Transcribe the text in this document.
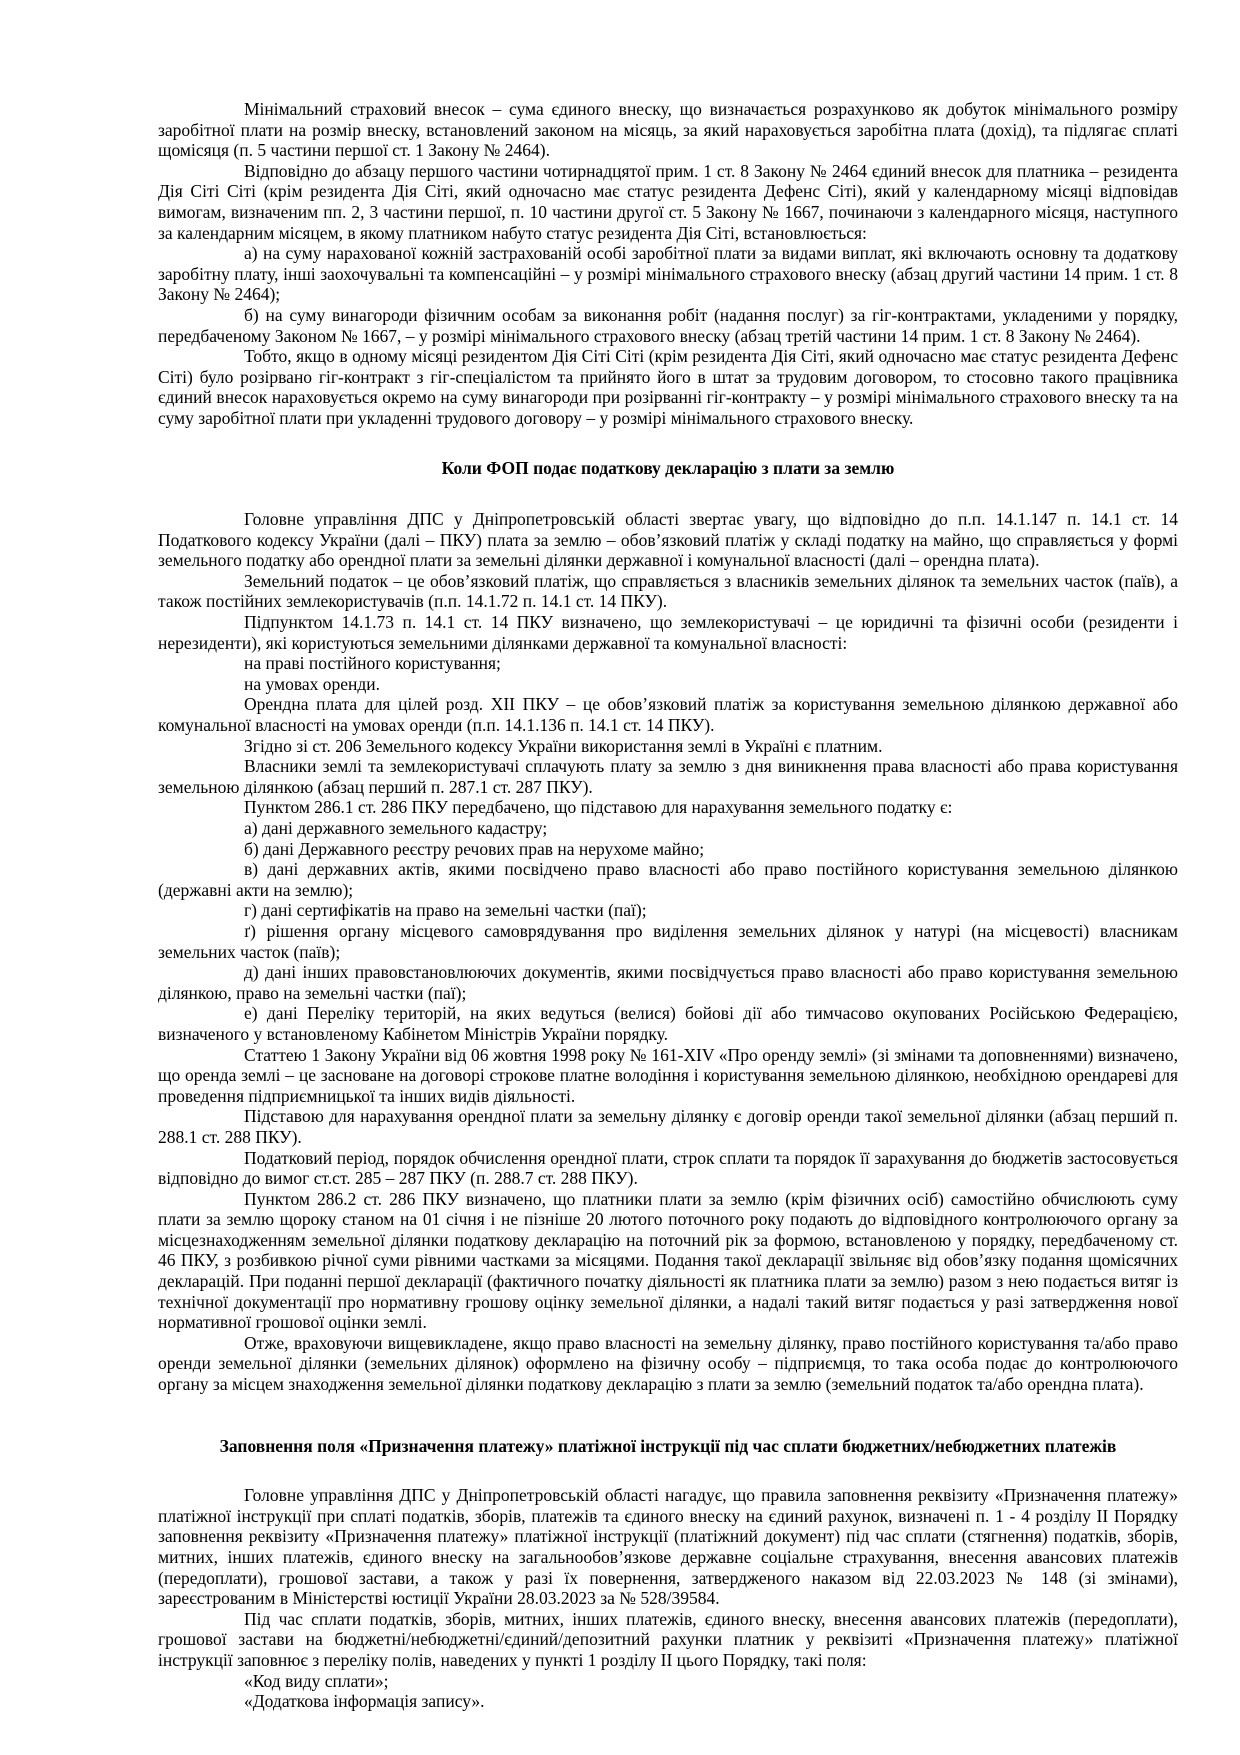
Мінімальний страховий внесок – сума єдиного внеску, що визначається розрахунково як добуток мінімального розміру заробітної плати на розмір внеску, встановлений законом на місяць, за який нараховується заробітна плата (дохід), та підлягає сплаті щомісяця (п. 5 частини першої ст. 1 Закону № 2464).

Відповідно до абзацу першого частини чотирнадцятої прим. 1 ст. 8 Закону № 2464 єдиний внесок для платника – резидента Дія Сіті Сіті (крім резидента Дія Сіті, який одночасно має статус резидента Дефенс Сіті), який у календарному місяці відповідав вимогам, визначеним пп. 2, 3 частини першої, п. 10 частини другої ст. 5 Закону № 1667, починаючи з календарного місяця, наступного за календарним місяцем, в якому платником набуто статус резидента Дія Сіті, встановлюється:

а) на суму нарахованої кожній застрахованій особі заробітної плати за видами виплат, які включають основну та додаткову заробітну плату, інші заохочувальні та компенсаційні – у розмірі мінімального страхового внеску (абзац другий частини 14 прим. 1 ст. 8 Закону № 2464);

б) на суму винагороди фізичним особам за виконання робіт (надання послуг) за гіг-контрактами, укладеними у порядку, передбаченому Законом № 1667, – у розмірі мінімального страхового внеску (абзац третій частини 14 прим. 1 ст. 8 Закону № 2464).

Тобто, якщо в одному місяці резидентом Дія Сіті Сіті (крім резидента Дія Сіті, який одночасно має статус резидента Дефенс Сіті) було розірвано гіг-контракт з гіг-спеціалістом та прийнято його в штат за трудовим договором, то стосовно такого працівника єдиний внесок нараховується окремо на суму винагороди при розірванні гіг-контракту – у розмірі мінімального страхового внеску та на суму заробітної плати при укладенні трудового договору – у розмірі мінімального страхового внеску.

Коли ФОП подає податкову декларацію з плати за землю

Головне управління ДПС у Дніпропетровській області звертає увагу, що відповідно до п.п. 14.1.147 п. 14.1 ст. 14 Податкового кодексу України (далі – ПКУ) плата за землю – обов’язковий платіж у складі податку на майно, що справляється у формі земельного податку або орендної плати за земельні ділянки державної і комунальної власності (далі – орендна плата).

Земельний податок – це обов’язковий платіж, що справляється з власників земельних ділянок та земельних часток (паїв), а також постійних землекористувачів (п.п. 14.1.72 п. 14.1 ст. 14 ПКУ).

Підпунктом 14.1.73 п. 14.1 ст. 14 ПКУ визначено, що землекористувачі – це юридичні та фізичні особи (резиденти і нерезиденти), які користуються земельними ділянками державної та комунальної власності:

на праві постійного користування;

на умовах оренди.

Орендна плата для цілей розд. XII ПКУ – це обов’язковий платіж за користування земельною ділянкою державної або комунальної власності на умовах оренди (п.п. 14.1.136 п. 14.1 ст. 14 ПКУ).

Згідно зі ст. 206 Земельного кодексу України використання землі в Україні є платним.

Власники землі та землекористувачі сплачують плату за землю з дня виникнення права власності або права користування земельною ділянкою (абзац перший п. 287.1 ст. 287 ПКУ).

Пунктом 286.1 ст. 286 ПКУ передбачено, що підставою для нарахування земельного податку є:

а) дані державного земельного кадастру;

б) дані Державного реєстру речових прав на нерухоме майно;

в) дані державних актів, якими посвідчено право власності або право постійного користування земельною ділянкою (державні акти на землю);

г) дані сертифікатів на право на земельні частки (паї);

ґ) рішення органу місцевого самоврядування про виділення земельних ділянок у натурі (на місцевості) власникам земельних часток (паїв);

д) дані інших правовстановлюючих документів, якими посвідчується право власності або право користування земельною ділянкою, право на земельні частки (паї);

е) дані Переліку територій, на яких ведуться (велися) бойові дії або тимчасово окупованих Російською Федерацією, визначеного у встановленому Кабінетом Міністрів України порядку.

Статтею 1 Закону України від 06 жовтня 1998 року № 161-XIV «Про оренду землі» (зі змінами та доповненнями) визначено, що оренда землі – це засноване на договорі строкове платне володіння і користування земельною ділянкою, необхідною орендареві для проведення підприємницької та інших видів діяльності.

Підставою для нарахування орендної плати за земельну ділянку є договір оренди такої земельної ділянки (абзац перший п. 288.1 ст. 288 ПКУ).

Податковий період, порядок обчислення орендної плати, строк сплати та порядок її зарахування до бюджетів застосовується відповідно до вимог ст.ст. 285 – 287 ПКУ (п. 288.7 ст. 288 ПКУ).

Пунктом 286.2 ст. 286 ПКУ визначено, що платники плати за землю (крім фізичних осіб) самостійно обчислюють суму плати за землю щороку станом на 01 січня і не пізніше 20 лютого поточного року подають до відповідного контролюючого органу за місцезнаходженням земельної ділянки податкову декларацію на поточний рік за формою, встановленою у порядку, передбаченому ст. 46 ПКУ, з розбивкою річної суми рівними частками за місяцями. Подання такої декларації звільняє від обов’язку подання щомісячних декларацій. При поданні першої декларації (фактичного початку діяльності як платника плати за землю) разом з нею подається витяг із технічної документації про нормативну грошову оцінку земельної ділянки, а надалі такий витяг подається у разі затвердження нової нормативної грошової оцінки землі.

Отже, враховуючи вищевикладене, якщо право власності на земельну ділянку, право постійного користування та/або право оренди земельної ділянки (земельних ділянок) оформлено на фізичну особу – підприємця, то така особа подає до контролюючого органу за місцем знаходження земельної ділянки податкову декларацію з плати за землю (земельний податок та/або орендна плата).

Заповнення поля «Призначення платежу» платіжної інструкції під час сплати бюджетних/небюджетних платежів

Головне управління ДПС у Дніпропетровській області нагадує, що правила заповнення реквізиту «Призначення платежу» платіжної інструкції при сплаті податків, зборів, платежів та єдиного внеску на єдиний рахунок, визначені п. 1 - 4 розділу II Порядку заповнення реквізиту «Призначення платежу» платіжної інструкції (платіжний документ) під час сплати (стягнення) податків, зборів, митних, інших платежів, єдиного внеску на загальнообов’язкове державне соціальне страхування, внесення авансових платежів (передоплати), грошової застави, а також у разі їх повернення, затвердженого наказом від 22.03.2023 № 148 (зі змінами), зареєстрованим в Міністерстві юстиції України 28.03.2023 за № 528/39584.

Під час сплати податків, зборів, митних, інших платежів, єдиного внеску, внесення авансових платежів (передоплати), грошової застави на бюджетні/небюджетні/єдиний/депозитний рахунки платник у реквізиті «Призначення платежу» платіжної інструкції заповнює з переліку полів, наведених у пункті 1 розділу II цього Порядку, такі поля:

«Код виду сплати»;

«Додаткова інформація запису».
